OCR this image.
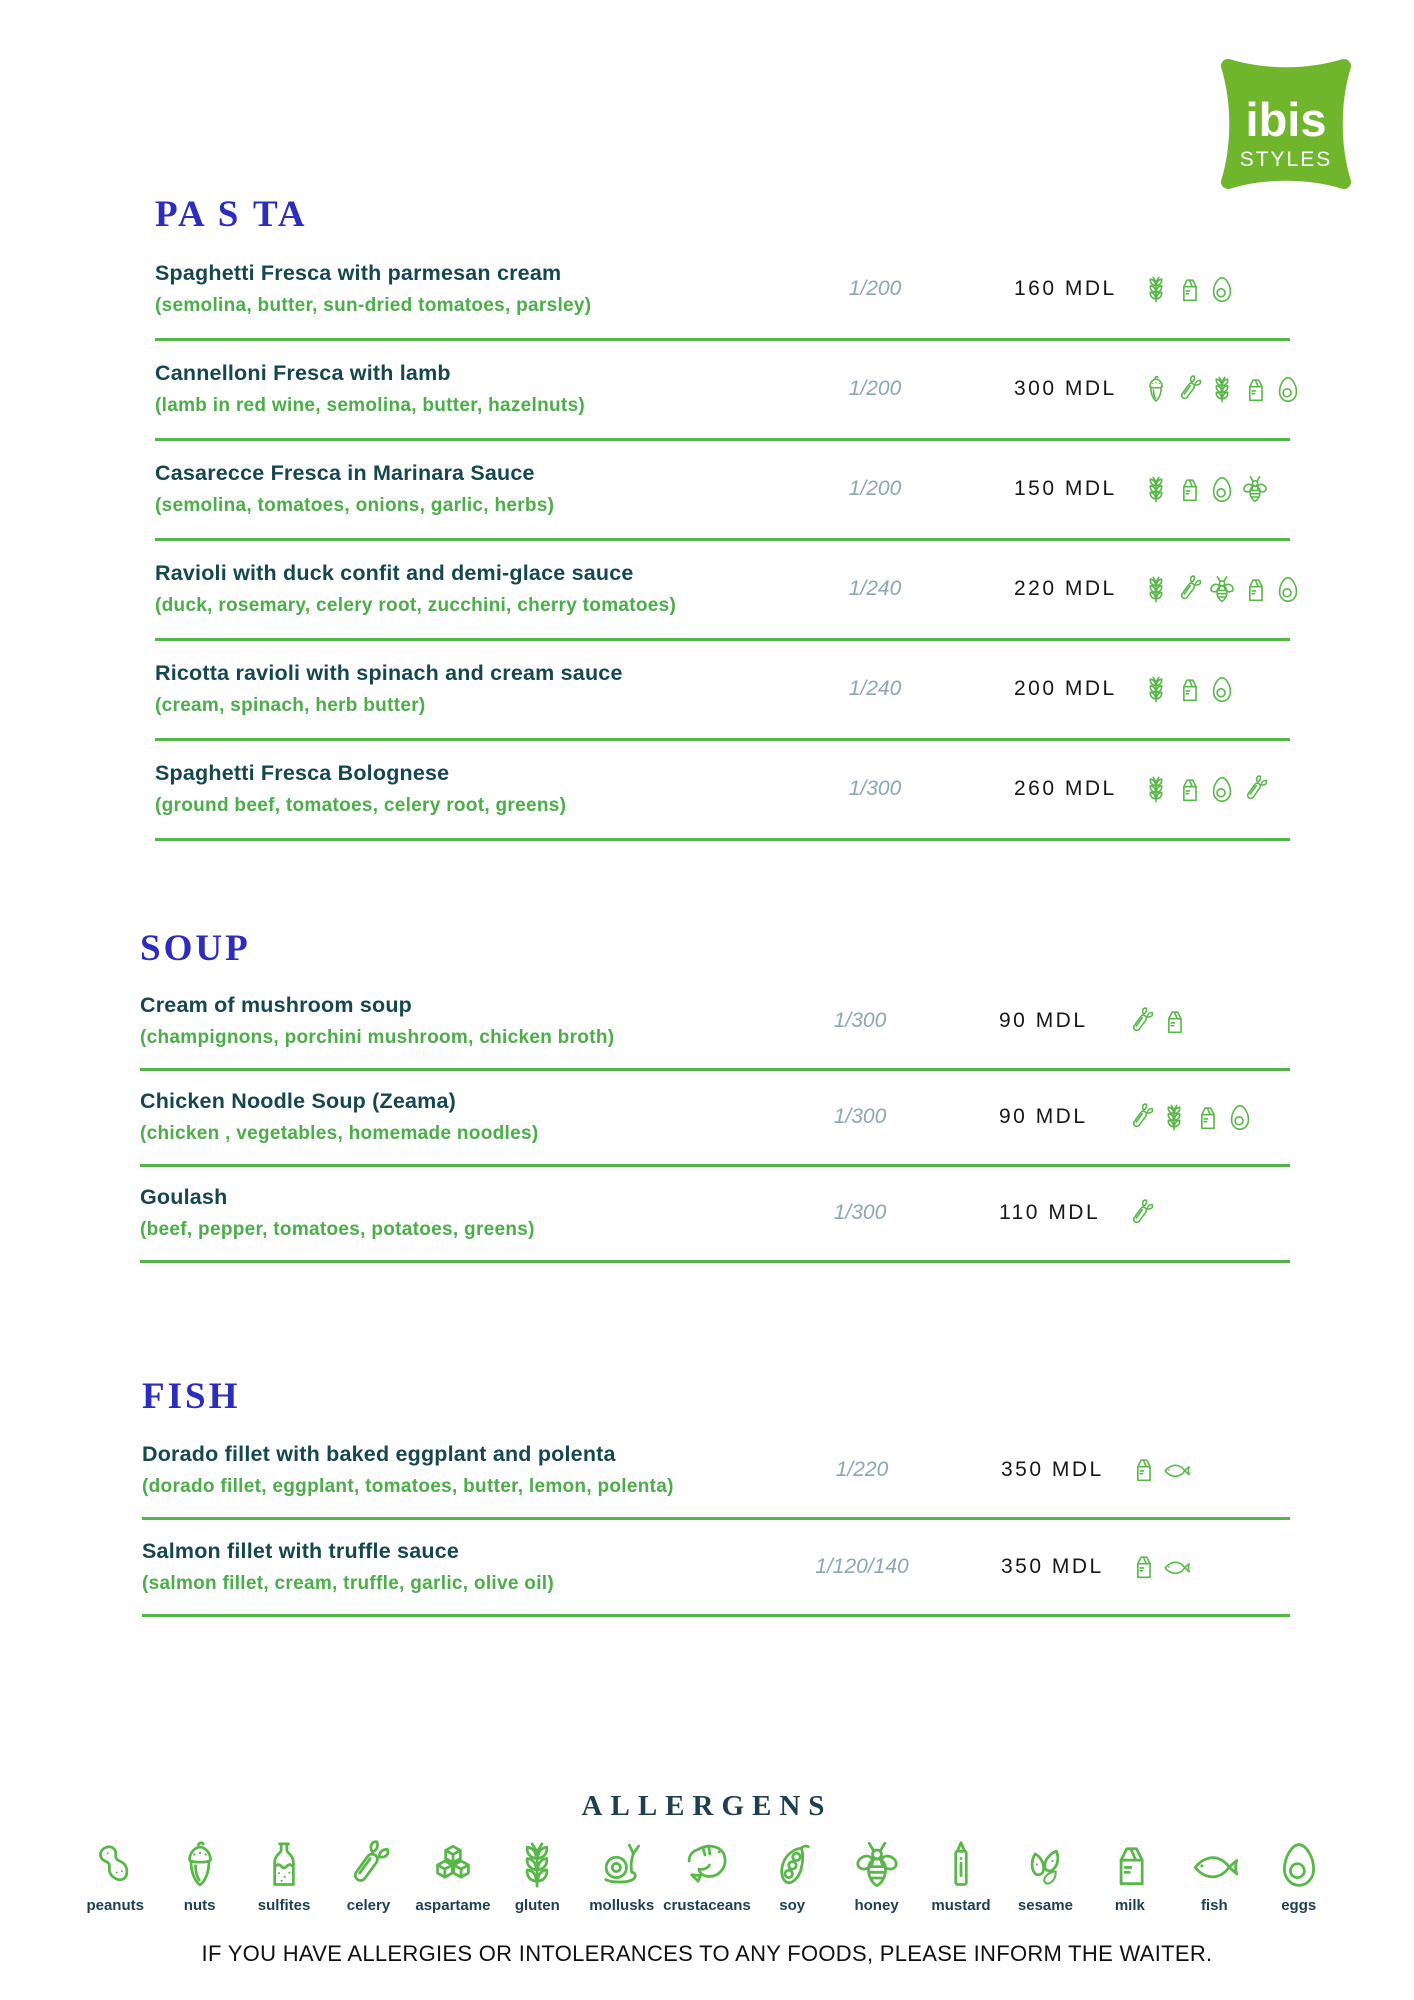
ibis
STYLES
PA S TA
Spaghetti Fresca with parmesan cream
(semolina, butter, sun-dried tomatoes, parsley)
1/200	160 MDL
Cannelloni Fresca with lamb
(lamb in red wine, semolina, butter, hazelnuts)
1/200	300 MDL
Casarecce Fresca in Marinara Sauce
(semolina, tomatoes, onions, garlic, herbs)
1/200	150 MDL
Ravioli with duck confit and demi-glace sauce
(duck, rosemary, celery root, zucchini, cherry tomatoes)
1/240	220 MDL
Ricotta ravioli with spinach and cream sauce
(cream, spinach, herb butter)
1/240	200 MDL
Spaghetti Fresca Bolognese
(ground beef, tomatoes, celery root, greens)
1/300	260 MDL
SOUP
Cream of mushroom soup
(champignons, porchini mushroom, chicken broth)
1/300	90 MDL
Chicken Noodle Soup (Zeama)
(chicken , vegetables, homemade noodles)
1/300	90 MDL
Goulash
(beef, pepper, tomatoes, potatoes, greens)
1/300	110 MDL
FISH
Dorado fillet with baked eggplant and polenta
(dorado fillet, eggplant, tomatoes, butter, lemon, polenta)
1/220	350 MDL
Salmon fillet with truffle sauce
(salmon fillet, cream, truffle, garlic, olive oil)
1/120/140	350 MDL
ALLERGENS
peanuts	nuts	sulfites celery aspartame gluten mollusks crustaceans soy	honey mustard sesame	milk	fish	eggs
IF YOU HAVE ALLERGIES OR INTOLERANCES TO ANY FOODS, PLEASE INFORM THE WAITER.
